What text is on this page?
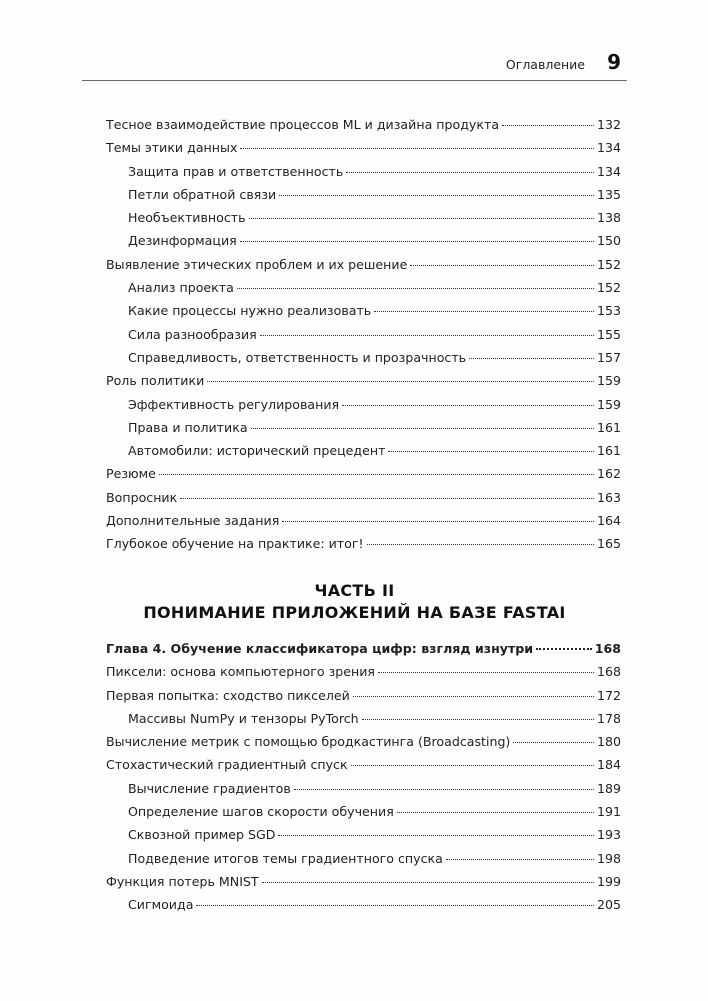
Оглавление 9
Тесное взаимодействие процессов ML и дизайна продукта	132
Темы этики данных	134
Защита прав и ответственность	134
Петли обратной связи	135
Необъективность	138
Дезинформация	150
Выявление этических проблем и их решение	152
Анализ проекта	152
Какие процессы нужно реализовать	153
Сила разнообразия	155
Справедливость, ответственность и прозрачность	157
Роль политики	159
Эффективность регулирования	159
Права и политика	161
Автомобили: исторический прецедент	161
Резюме	162
Вопросник	163
Дополнительные задания	164
Глубокое обучение на практике: итог!	165
ЧАСТЬ II
ПОНИМАНИЕ ПРИЛОЖЕНИЙ НА БАЗЕ FASTAI
Глава 4. Обучение классификатора цифр: взгляд изнутри	168
Пиксели: основа компьютерного зрения	168
Первая попытка: сходство пикселей	172
Массивы NumPy и тензоры PyTorch	178
Вычисление метрик с помощью бродкастинга (Broadcasting)	180
Стохастический градиентный спуск	184
Вычисление градиентов	189
Определение шагов скорости обучения	191
Сквозной пример SGD	193
Подведение итогов темы градиентного спуска	198
Функция потерь MNIST	199
Сигмоида	205
